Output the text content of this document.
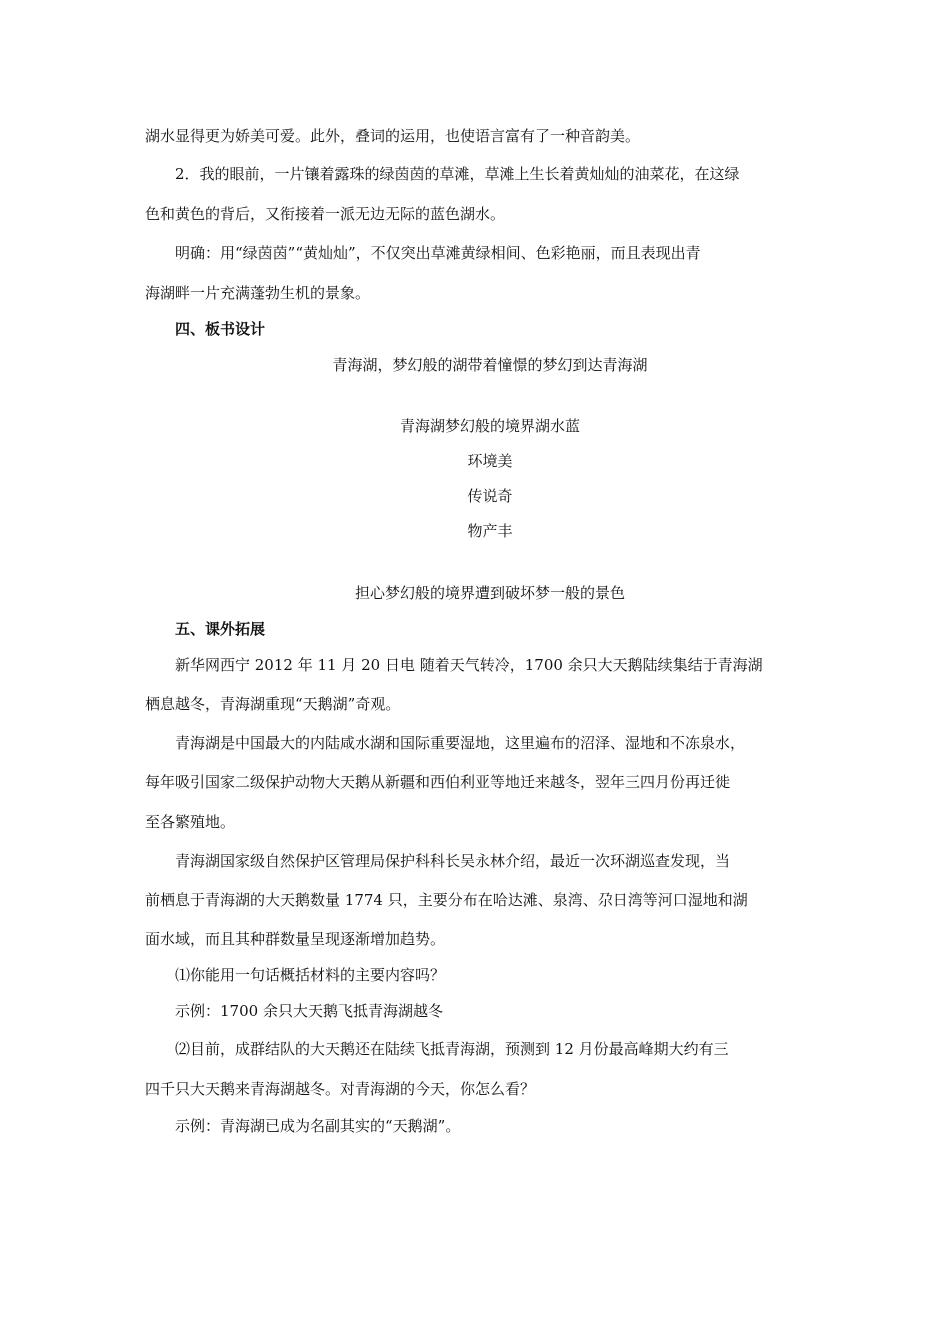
湖水显得更为娇美可爱。此外，叠词的运用，也使语言富有了一种音韵美。
2．我的眼前，一片镶着露珠的绿茵茵的草滩，草滩上生长着黄灿灿的油菜花，在这绿
色和黄色的背后，又衔接着一派无边无际的蓝色湖水。
明确：用“绿茵茵”“黄灿灿”，不仅突出草滩黄绿相间、色彩艳丽，而且表现出青
海湖畔一片充满蓬勃生机的景象。
四、板书设计
青海湖，梦幻般的湖带着憧憬的梦幻到达青海湖
青海湖梦幻般的境界湖水蓝
环境美
传说奇
物产丰
担心梦幻般的境界遭到破坏梦一般的景色
五、课外拓展
新华网西宁 2012 年 11 月 20 日电 随着天气转冷，1700 余只大天鹅陆续集结于青海湖
栖息越冬，青海湖重现“天鹅湖”奇观。
青海湖是中国最大的内陆咸水湖和国际重要湿地，这里遍布的沼泽、湿地和不冻泉水，
每年吸引国家二级保护动物大天鹅从新疆和西伯利亚等地迁来越冬，翌年三四月份再迁徙
至各繁殖地。
青海湖国家级自然保护区管理局保护科科长吴永林介绍，最近一次环湖巡查发现，当
前栖息于青海湖的大天鹅数量 1774 只，主要分布在哈达滩、泉湾、尕日湾等河口湿地和湖
面水域，而且其种群数量呈现逐渐增加趋势。
⑴你能用一句话概括材料的主要内容吗？
示例：1700 余只大天鹅飞抵青海湖越冬
⑵目前，成群结队的大天鹅还在陆续飞抵青海湖，预测到 12 月份最高峰期大约有三
四千只大天鹅来青海湖越冬。对青海湖的今天，你怎么看？
示例：青海湖已成为名副其实的“天鹅湖”。
